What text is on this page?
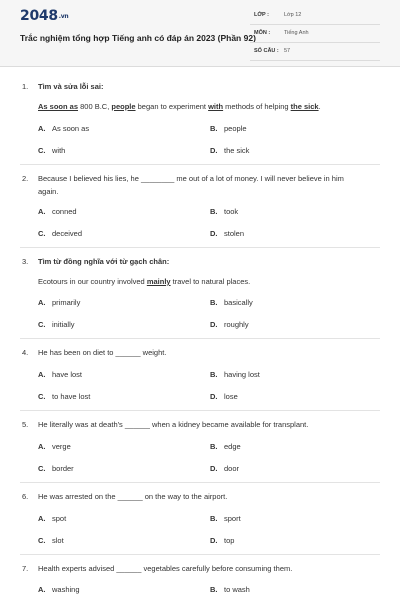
2048.vn
Trắc nghiệm tổng hợp Tiếng anh có đáp án 2023 (Phần 92)
LỚP :	Lớp 12
MÔN :	Tiếng Anh
SỐ CÂU : 57
1. Tìm và sửa lỗi sai:
As soon as 800 B.C, people began to experiment with methods of helping the sick.
A. As soon as	B. people
C. with	D. the sick
2. Because I believed his lies, he ________ me out of a lot of money. I will never believe in him
again.
A. conned	B. took
C. deceived	D. stolen
3. Tìm từ đồng nghĩa với từ gạch chân:
Ecotours in our country involved mainly travel to natural places.
A. primarily	B. basically
C. initially	D. roughly
4. He has been on diet to ______ weight.
A. have lost	B. having lost
C. to have lost	D. lose
5. He literally was at death's ______ when a kidney became available for transplant.
A. verge	B. edge
C. border	D. door
6. He was arrested on the ______ on the way to the airport.
A. spot	B. sport
C. slot	D. top
7. Health experts advised ______ vegetables carefully before consuming them.
A. washing	B. to wash
